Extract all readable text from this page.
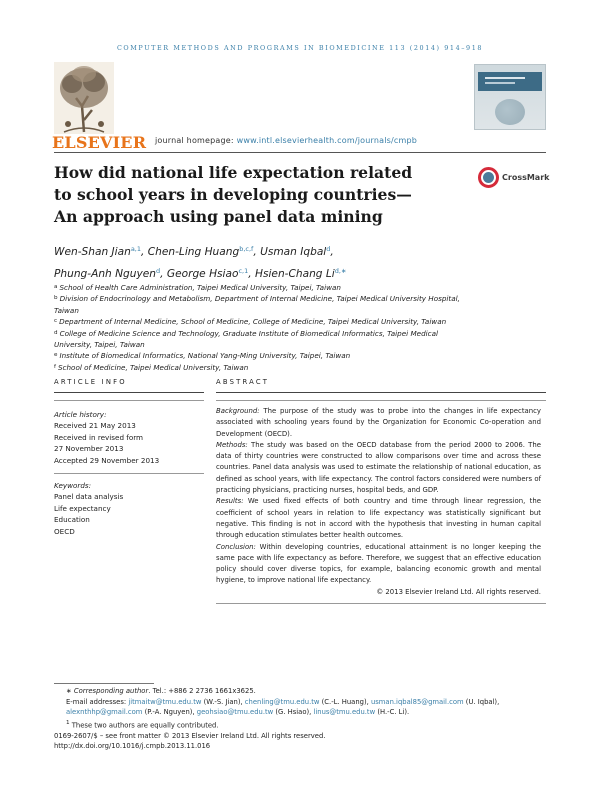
COMPUTER METHODS AND PROGRAMS IN BIOMEDICINE 113 (2014) 914–918
ELSEVIER journal homepage: www.intl.elsevierhealth.com/journals/cmpb
How did national life expectation related to school years in developing countries—An approach using panel data mining
CrossMark
Wen-Shan Jian$^{a,1}$, Chen-Ling Huang$^{b,c,f}$, Usman Iqbal$^d$,
Phung-Anh Nguyen$^d$, George Hsiao$^{c,1}$, Hsien-Chang $Li^{d,∗}$
$^a$ School of Health Care Administration, Taipei Medical University, Taipei, Taiwan
$^b$ Division of Endocrinology and Metabolism, Department of Internal Medicine, Taipei Medical University Hospital, Taiwan
$^c$ Department of Internal Medicine, School of Medicine, College of Medicine, Taipei Medical University, Taiwan
$^d$ College of Medicine Science and Technology, Graduate Institute of Biomedical Informatics, Taipei Medical University, Taipei, Taiwan
$^e$ Institute of Biomedical Informatics, National Yang-Ming University, Taipei, Taiwan
$^f$ School of Medicine, Taipei Medical University, Taiwan
ARTICLE INFO	ABSTRACT
Article history:
Received 21 May 2013
Received in revised form
27 November 2013
Accepted 29 November 2013
Keywords:
Panel data analysis
Life expectancy
Education
OECD

Background: The purpose of the study was to probe into the changes in life expectancy associated with schooling years found by the Organization for Economic Co-operation and Development (OECD).

Methods: The study was based on the OECD database from the period 2000 to 2006. The data of thirty countries were constructed to allow comparisons over time and across these countries. Panel data analysis was used to estimate the relationship of national education, as defined as school years, with life expectancy. The control factors considered were numbers of practicing physicians, practicing nurses, hospital beds, and GDP.

Results: We used fixed effects of both country and time through linear regression, the coefficient of school years in relation to life expectancy was statistically significant but negative. This finding is not in accord with the hypothesis that investing in human capital through education stimulates better health outcomes.

Conclusion: Within developing countries, educational attainment is no longer keeping the same pace with life expectancy as before. Therefore, we suggest that an effective education policy should cover diverse topics, for example, balancing economic growth and mental hygiene, to improve national life expectancy.

© 2013 Elsevier Ireland Ltd. All rights reserved.

∗ Corresponding author. Tel.: +886 2 2736 1661x3625.
E-mail addresses: jitmaitw@tmu.edu.tw (W.-S. Jian), chenling@tmu.edu.tw (C.-L. Huang), usman.iqbal85@gmail.com (U. Iqbal), alexnthhp@gmail.com (P.-A. Nguyen), geohsiao@tmu.edu.tw (G. Hsiao), linus@tmu.edu.tw (H.-C. Li).
$^1$ These two authors are equally contributed.
0169-2607/$ – see front matter © 2013 Elsevier Ireland Ltd. All rights reserved.
http://dx.doi.org/10.1016/j.cmpb.2013.11.016
